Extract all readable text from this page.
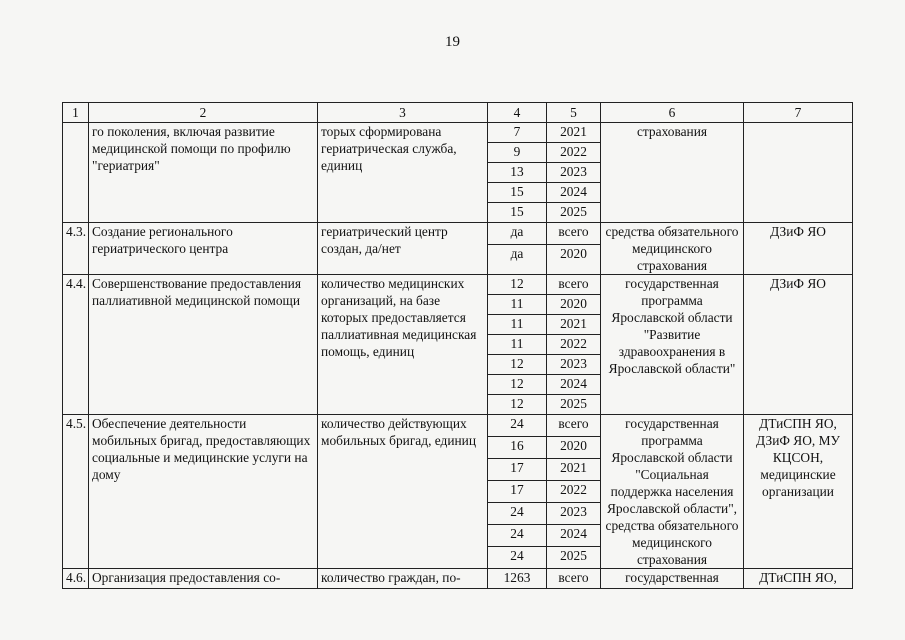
19
1	2	3	4	5	6	7
	го поколения, включая развитие медицинской помощи по профилю "гериатрия"	торых сформирована гериатрическая служба, единиц	7	2021	страхования	
			9	2022		
			13	2023		
			15	2024		
			15	2025		
4.3.	Создание регионального гериатрического центра	гериатрический центр создан, да/нет	да	всего	средства обязательного медицинского страхования	ДЗиФ ЯО
			да	2020		
4.4.	Совершенствование предоставления паллиативной медицинской помощи	количество медицинских организаций, на базе которых предоставляется паллиативная медицинская помощь, единиц	12	всего	государственная программа Ярославской области "Развитие здравоохранения в Ярославской области"	ДЗиФ ЯО
			11	2020		
			11	2021		
			11	2022		
			12	2023		
			12	2024		
			12	2025		
4.5.	Обеспечение деятельности мобильных бригад, предоставляющих социальные и медицинские услуги на дому	количество действующих мобильных бригад, единиц	24	всего	государственная программа Ярославской области "Социальная поддержка населения Ярославской области", средства обязательного медицинского страхования	ДТиСПН ЯО, ДЗиФ ЯО, МУ КЦСОН, медицинские организации
			16	2020		
			17	2021		
			17	2022		
			24	2023		
			24	2024		
			24	2025		
4.6.	Организация предоставления со-	количество граждан, по-	1263	всего	государственная	ДТиСПН ЯО,
